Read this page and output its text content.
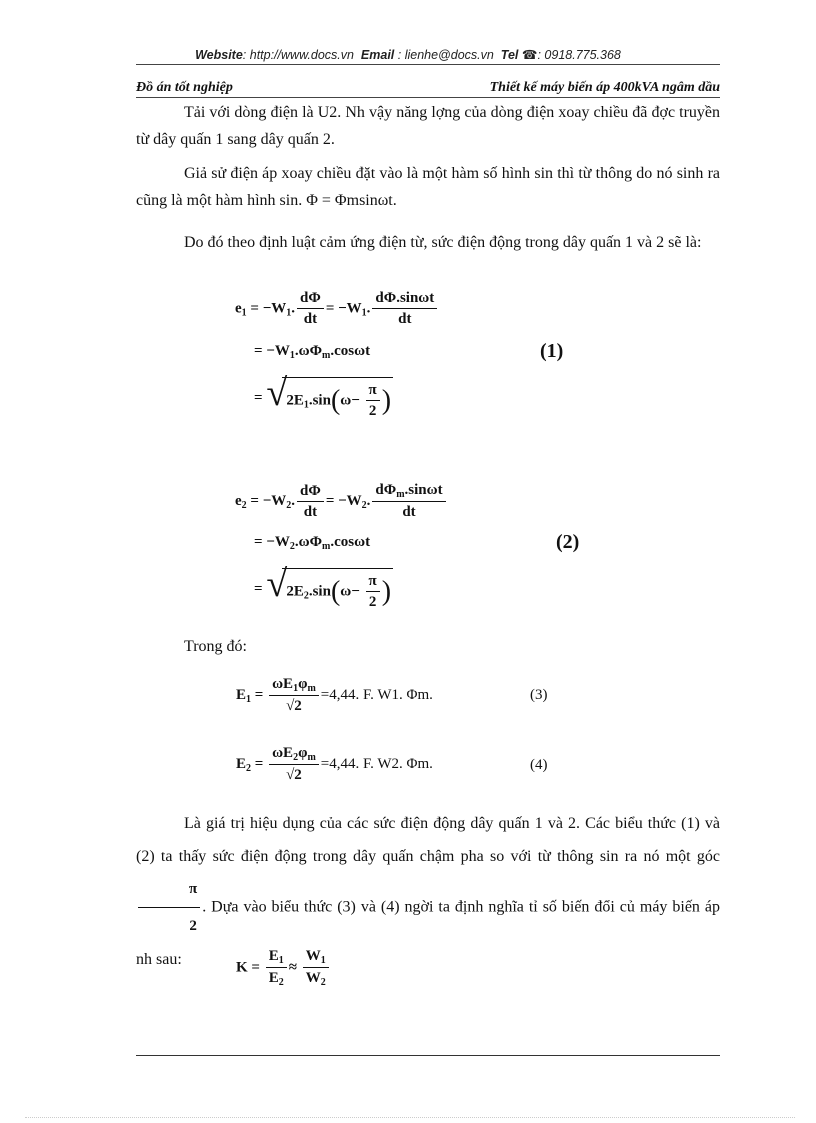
Website: http://www.docs.vn Email : lienhe@docs.vn Tel ☎: 0918.775.368
Đồ án tốt nghiệp	Thiết kế máy biến áp 400kVA ngâm dầu
Tải với dòng điện là U2. Nh vậy năng lợng của dòng điện xoay chiều đã đợc truyền từ dây quấn 1 sang dây quấn 2.
Giả sử điện áp xoay chiều đặt vào là một hàm số hình sin thì từ thông do nó sinh ra cũng là một hàm hình sin. Φ = Φmsinωt.
Do đó theo định luật cảm ứng điện từ, sức điện động trong dây quấn 1 và 2 sẽ là:
$e_1 = -W_1$. $\frac{d\Phi}{dt} = -W_1$. $\frac{d\Phi.\sin\omega t}{dt}$
= $-W_1.\omega\Phi_m.\cos\omega t$
= √ $2E_1.\sin(\omega- \frac{\pi}{2}$ )
(1)
$e_2 = -W_2$. $\frac{d\Phi}{dt} = -W_2$. $\frac{d\Phi_m.\sin\omega t}{dt}$
= $-W_2.\omega\Phi_m.\cos\omega t$
= √ $2E_2.\sin(\omega- \frac{\pi}{2}$ )
(2)
Trong đó:
$E_1 = \frac{\omega E_1\varphi_m}{√2} =4,44$. F. W1. Φm.	(3)
$E_2 = \frac{\omega E_2\varphi_m}{√2} =4,44$. F. W2. Φm.	(4)
Là giá trị hiệu dụng của các sức điện động dây quấn 1 và 2. Các biểu thức (1) và (2) ta thấy sức điện động trong dây quấn chậm pha so với từ thông sin ra nó một góc
$\frac{\pi}{2}$ . Dựa vào biểu thức (3) và (4) ngời ta định nghĩa tỉ số biến đổi củ máy biến áp nh sau:	$K = \frac{E_1}{E_2} \approx \frac{W_1}{W_2}$
